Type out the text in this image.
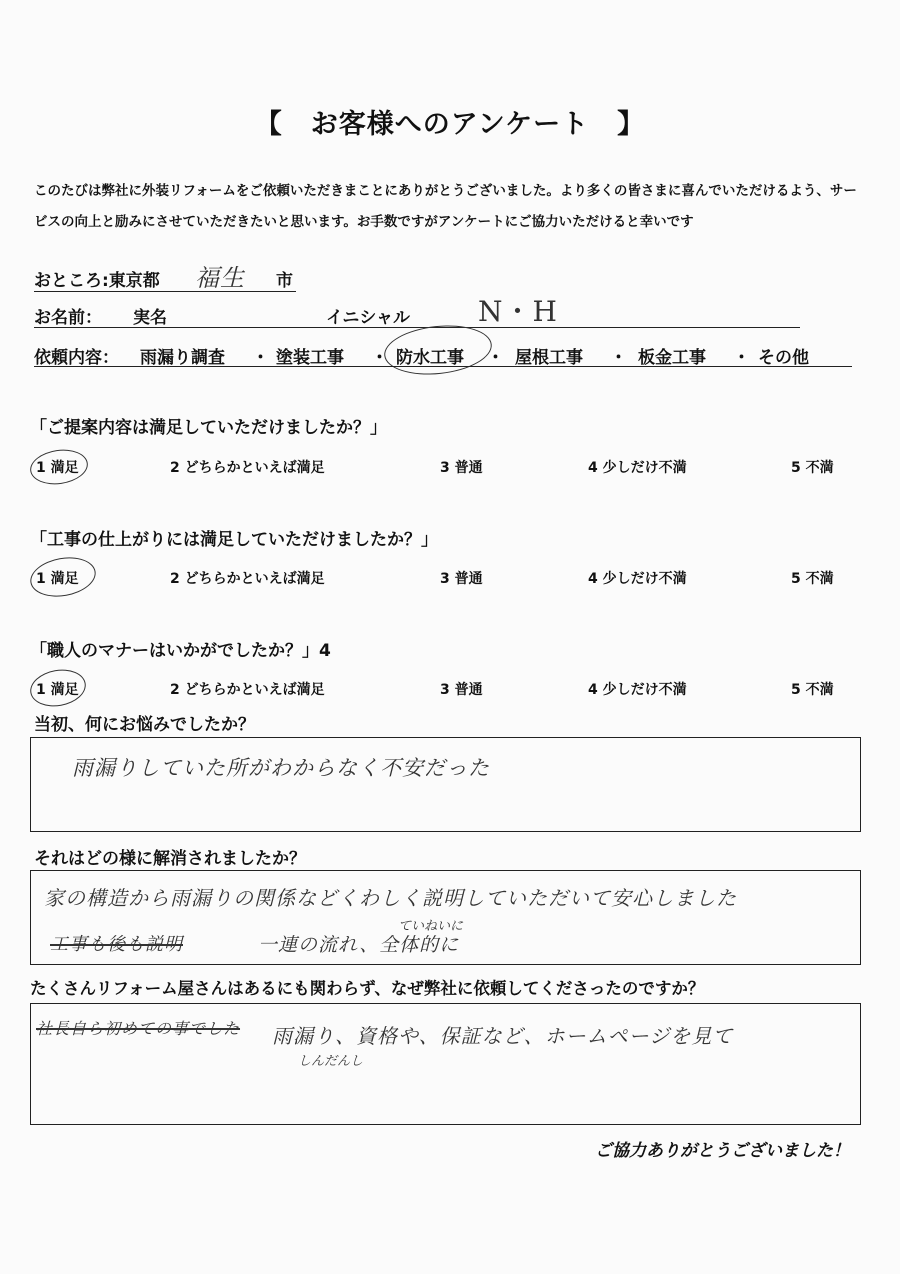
【　お客様へのアンケート　】
このたびは弊社に外装リフォームをご依頼いただきまことにありがとうございました。より多くの皆さまに喜んでいただけるよう、サービスの向上と励みにさせていただきたいと思います。お手数ですがアンケートにご協力いただけると幸いです
おところ:東京都 福生 市
お名前： 実名	イニシャル N・H
依頼内容： 雨漏り調査 ・ 塗装工事 ・ 防水工事 ・ 屋根工事 ・ 板金工事 ・ その他
「ご提案内容は満足していただけましたか？」
1 満足	2 どちらかといえば満足	3 普通	4 少しだけ不満	5 不満
「工事の仕上がりには満足していただけましたか？」
1 満足	2 どちらかといえば満足	3 普通	4 少しだけ不満	5 不満
「職人のマナーはいかがでしたか？」4
1 満足	2 どちらかといえば満足	3 普通	4 少しだけ不満	5 不満
当初、何にお悩みでしたか？
雨漏りしていた所がわからなく不安だった
それはどの様に解消されましたか？
家の構造から雨漏りの関係などくわしく説明していただいて安心しました
ていねいに
工事も後も説明	一連の流れ、全体的に
たくさんリフォーム屋さんはあるにも関わらず、なぜ弊社に依頼してくださったのですか？
社長自ら初めての事でした 雨漏り、資格や、保証など、ホームページを見て
しんだんし
ご協力ありがとうございました！
